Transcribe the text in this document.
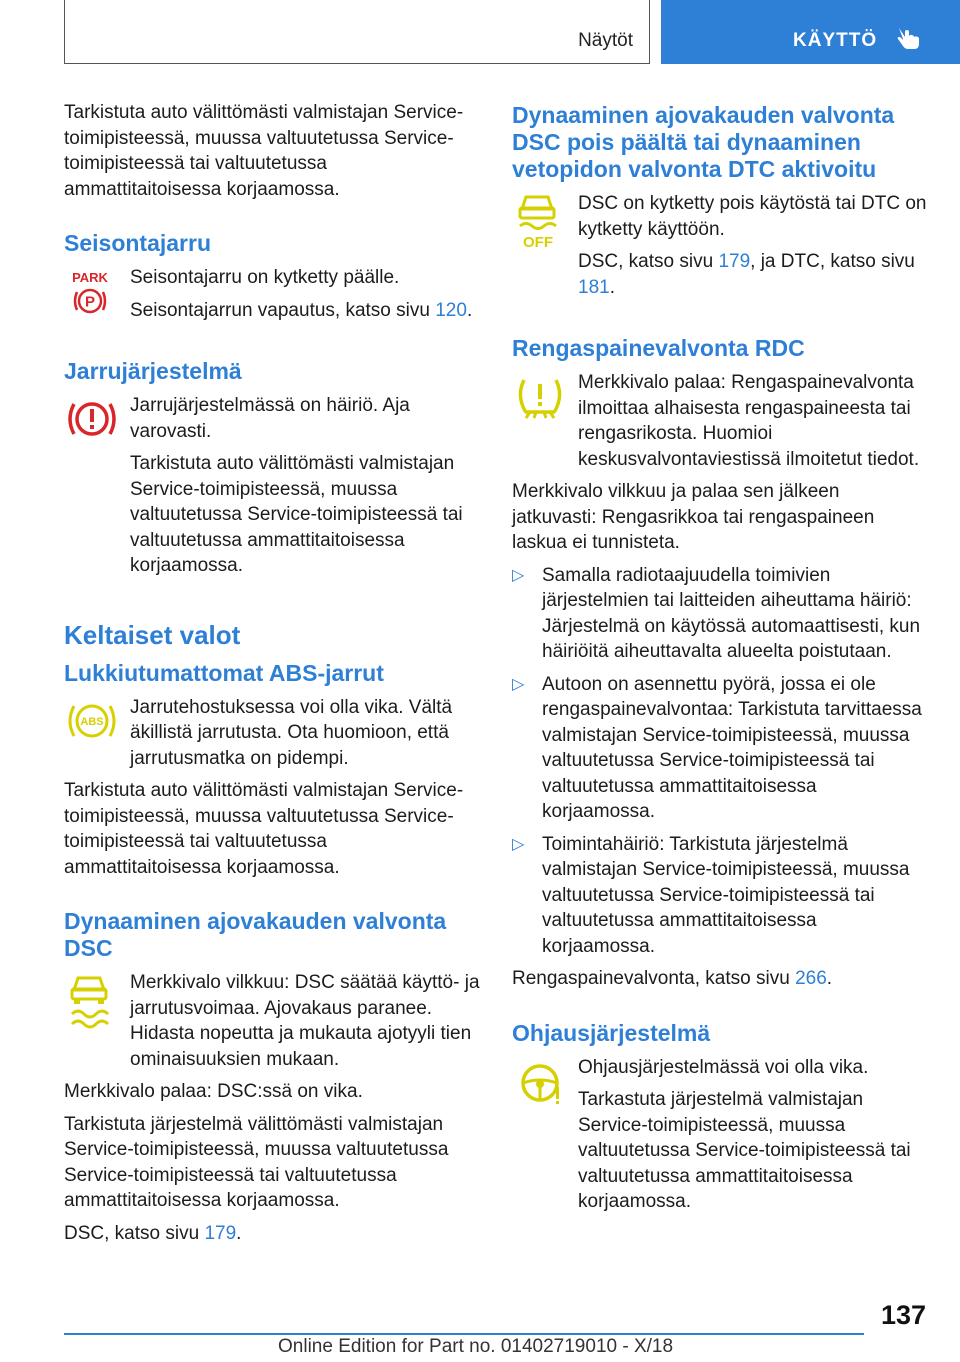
Näytöt	KÄYTTÖ

Tarkistuta auto välittömästi valmistajan Service-toimipisteessä, muussa valtuutetussa Service-toimipisteessä tai valtuutetussa ammattitaitoisessa korjaamossa.

Seisontajarru
PARK
P

Seisontajarru on kytketty päälle.

Seisontajarrun vapautus, katso sivu 120.

Jarrujärjestelmä

Jarrujärjestelmässä on häiriö. Aja varovasti.

Tarkistuta auto välittömästi valmistajan Service-toimipisteessä, muussa valtuutetussa Service-toimipisteessä tai valtuutetussa ammattitaitoisessa korjaamossa.

Keltaiset valot
Lukkiutumattomat ABS-jarrut
ABS

Jarrutehostuksessa voi olla vika. Vältä äkillistä jarrutusta. Ota huomioon, että jarrutusmatka on pidempi.

Tarkistuta auto välittömästi valmistajan Service-toimipisteessä, muussa valtuutetussa Service-toimipisteessä tai valtuutetussa ammattitaitoisessa korjaamossa.

Dynaaminen ajovakauden valvonta DSC

Merkkivalo vilkkuu: DSC säätää käyttö- ja jarrutusvoimaa. Ajovakaus paranee. Hidasta nopeutta ja mukauta ajotyyli tien ominaisuuksien mukaan.

Merkkivalo palaa: DSC:ssä on vika.

Tarkistuta järjestelmä välittömästi valmistajan Service-toimipisteessä, muussa valtuutetussa Service-toimipisteessä tai valtuutetussa ammattitaitoisessa korjaamossa.

DSC, katso sivu 179.

Dynaaminen ajovakauden valvonta DSC pois päältä tai dynaaminen vetopidon valvonta DTC aktivoitu
OFF

DSC on kytketty pois käytöstä tai DTC on kytketty käyttöön.

DSC, katso sivu 179, ja DTC, katso sivu 181.

Rengaspainevalvonta RDC

Merkkivalo palaa: Rengaspainevalvonta ilmoittaa alhaisesta rengaspaineesta tai rengasrikosta. Huomioi keskusvalvontaviestissä ilmoitetut tiedot.

Merkkivalo vilkkuu ja palaa sen jälkeen jatkuvasti: Rengasrikkoa tai rengaspaineen laskua ei tunnisteta.

▷ Samalla radiotaajuudella toimivien järjestelmien tai laitteiden aiheuttama häiriö: Järjestelmä on käytössä automaattisesti, kun häiriöitä aiheuttavalta alueelta poistutaan.
▷ Autoon on asennettu pyörä, jossa ei ole rengaspainevalvontaa: Tarkistuta tarvittaessa valmistajan Service-toimipisteessä, muussa valtuutetussa Service-toimipisteessä tai valtuutetussa ammattitaitoisessa korjaamossa.
▷ Toimintahäiriö: Tarkistuta järjestelmä valmistajan Service-toimipisteessä, muussa valtuutetussa Service-toimipisteessä tai valtuutetussa ammattitaitoisessa korjaamossa.

Rengaspainevalvonta, katso sivu 266.

Ohjausjärjestelmä

Ohjausjärjestelmässä voi olla vika.

Tarkastuta järjestelmä valmistajan Service-toimipisteessä, muussa valtuutetussa Service-toimipisteessä tai valtuutetussa ammattitaitoisessa korjaamossa.

137
Online Edition for Part no. 01402719010 - X/18
